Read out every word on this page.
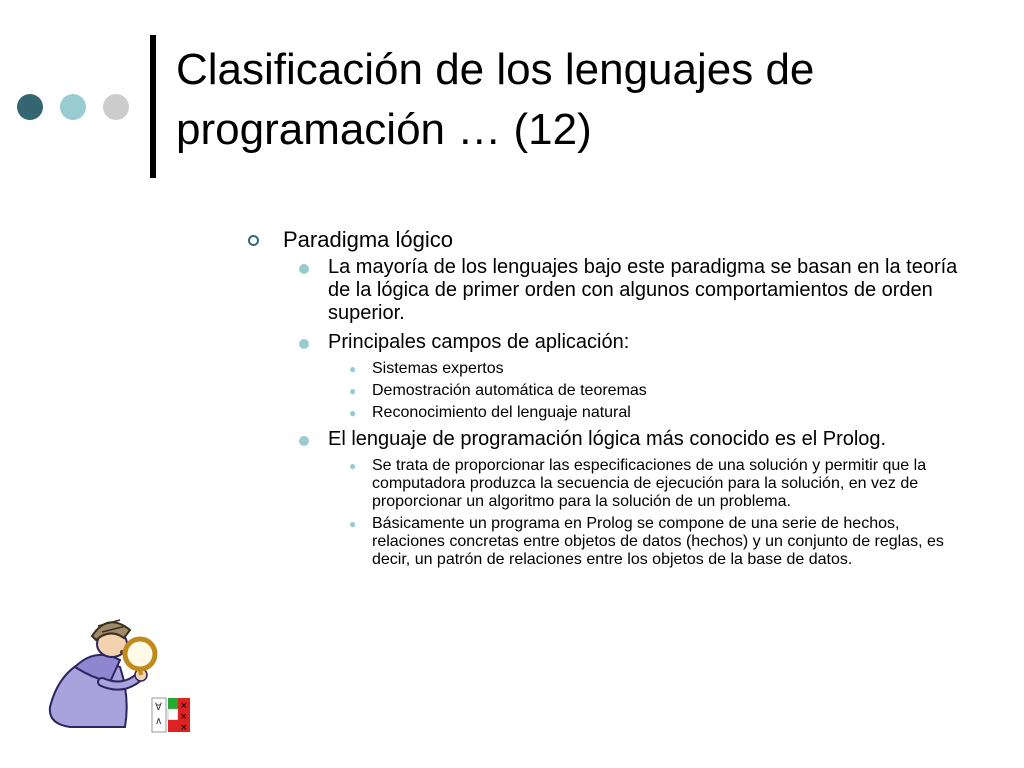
Clasificación de los lenguajes de
programación … (12)
Paradigma lógico
La mayoría de los lenguajes bajo este paradigma se basan en la teoría de la lógica de primer orden con algunos comportamientos de orden superior.
Principales campos de aplicación:
● Sistemas expertos
● Demostración automática de teoremas
● Reconocimiento del lenguaje natural
El lenguaje de programación lógica más conocido es el Prolog.
● Se trata de proporcionar las especificaciones de una solución y permitir que la computadora produzca la secuencia de ejecución para la solución, en vez de proporcionar un algoritmo para la solución de un problema.
● Básicamente un programa en Prolog se compone de una serie de hechos, relaciones concretas entre objetos de datos (hechos) y un conjunto de reglas, es decir, un patrón de relaciones entre los objetos de la base de datos.
∀
∧
×
×
×
